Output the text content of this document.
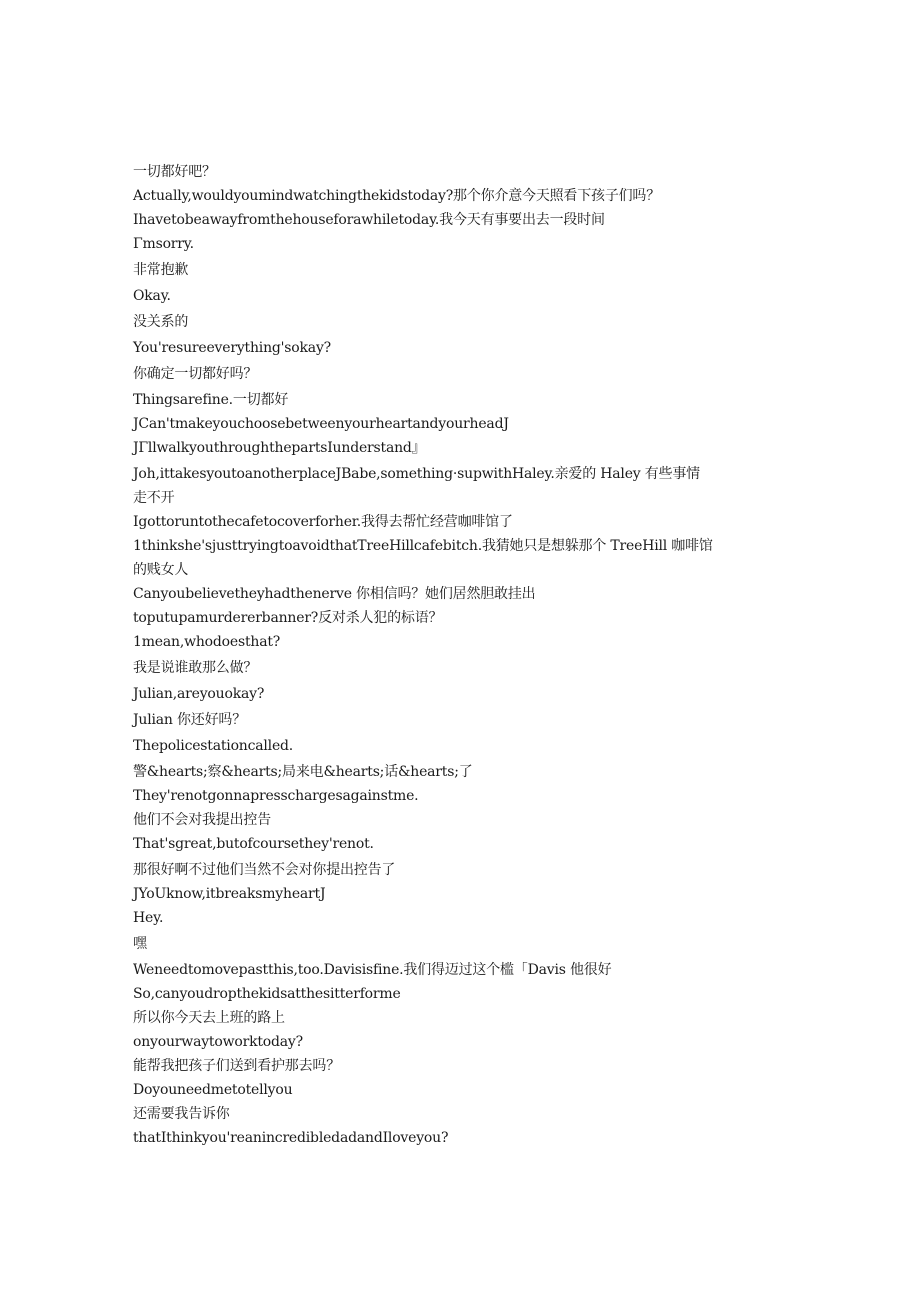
一切都好吧？

Actually,wouldyoumindwatchingthekidstoday?那个你介意今天照看下孩子们吗？

Ihavetobeawayfromthehouseforawhiletoday.我今天有事要出去一段时间

Γmsorry.

非常抱歉

Okay.

没关系的

You'resureeverything'sokay?

你确定一切都好吗？

Thingsarefine.一切都好

JCan'tmakeyouchoosebetweenyourheartandyourheadJ

JΓllwalkyouthroughthepartsIunderstand』

Joh,ittakesyoutoanotherplaceJBabe,something·supwithHaley.亲爱的 Haley 有些事情走不开

Igottoruntothecafetocoverforher.我得去帮忙经营咖啡馆了

1thinkshe'sjusttryingtoavoidthatTreeHillcafebitch.我猜她只是想躲那个 TreeHill 咖啡馆的贱女人

Canyoubelievetheyhadthenerve 你相信吗？她们居然胆敢挂出

toputupamurdererbanner?反对杀人犯的标语？

1mean,whodoesthat?

我是说谁敢那么做？

Julian,areyouokay?

Julian 你还好吗？

Thepolicestationcalled.

警&hearts;察&hearts;局来电&hearts;话&hearts;了

They'renotgonnapresschargesagainstme.

他们不会对我提出控告

That'sgreat,butofcoursethey'renot.

那很好啊不过他们当然不会对你提出控告了

JYoUknow,itbreaksmyheartJ

Hey.

嘿

Weneedtomovepastthis,too.Davisisfine.我们得迈过这个槛「Davis 他很好

So,canyoudropthekidsatthesitterforme

所以你今天去上班的路上

onyourwaytoworktoday?

能帮我把孩子们送到看护那去吗？

Doyouneedmetotellyou

还需要我告诉你

thatIthinkyou'reanincredibledadandIloveyou?
